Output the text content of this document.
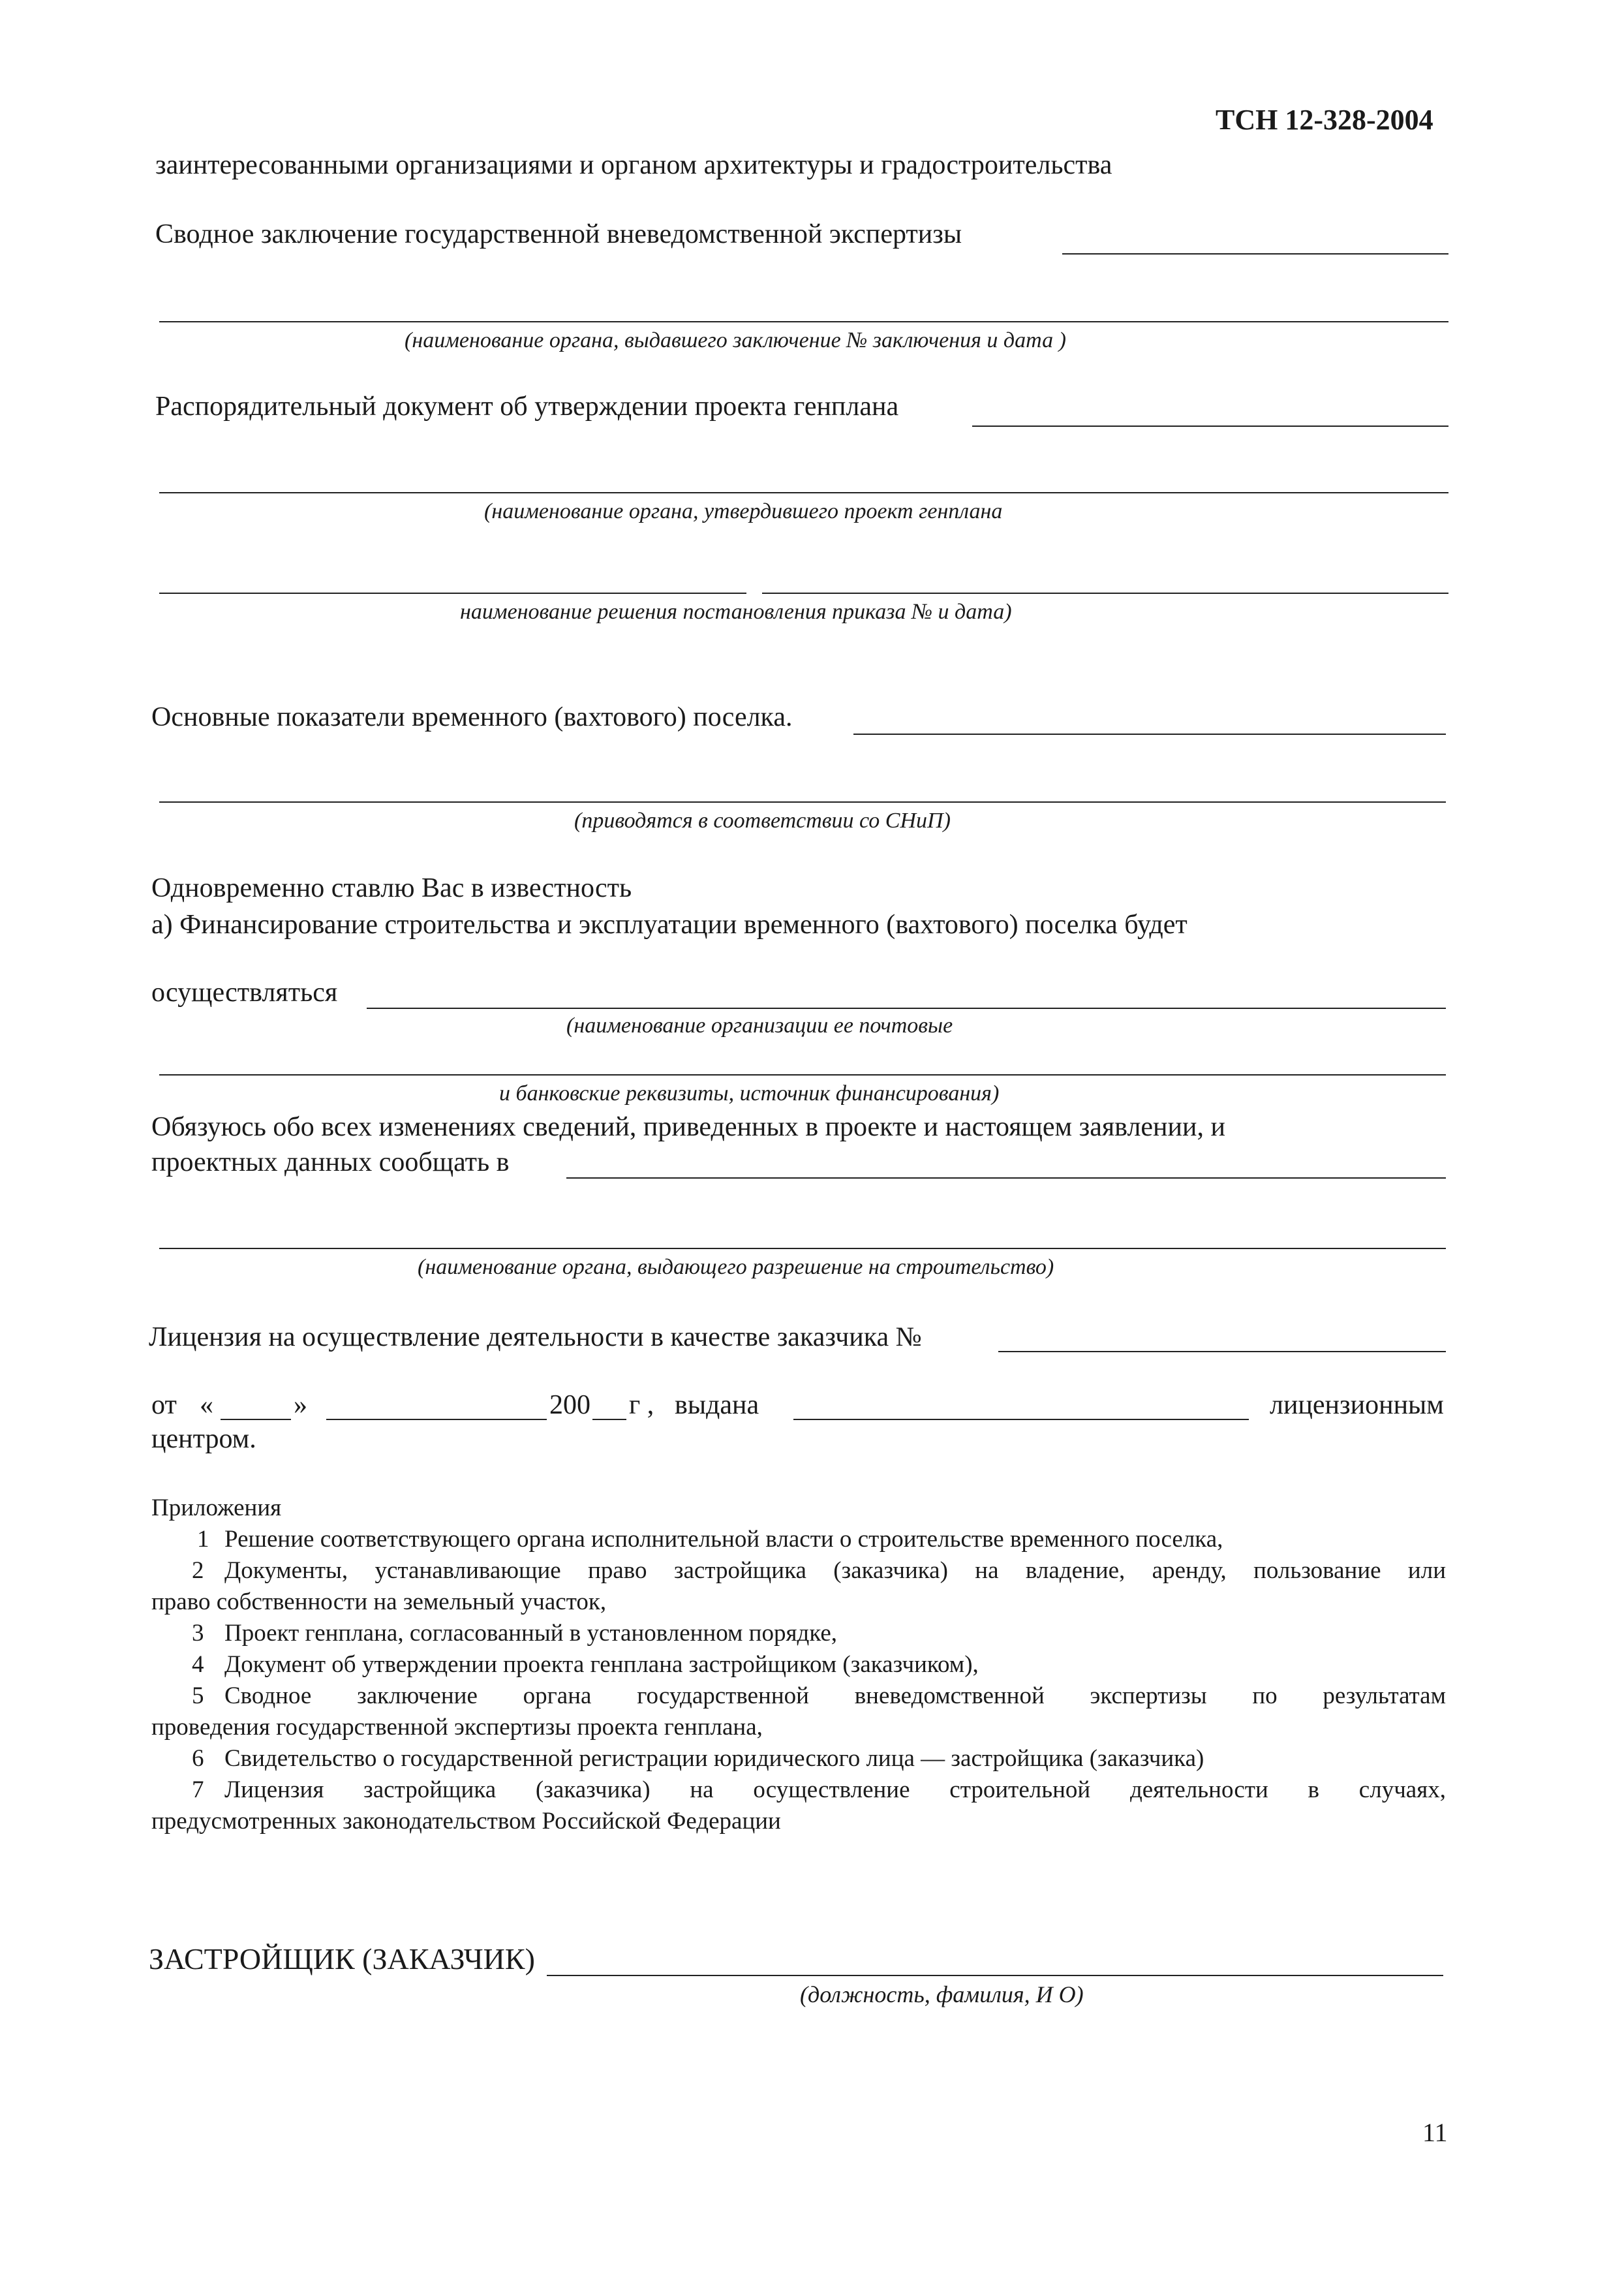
ТСН 12-328-2004
заинтересованными организациями и органом архитектуры и градостроительства
Сводное заключение государственной вневедомственной экспертизы
(наименование органа, выдавшего заключение № заключения и дата )
Распорядительный документ об утверждении проекта генплана
(наименование органа, утвердившего проект генплана
наименование решения постановления приказа № и дата)
Основные показатели временного (вахтового) поселка.
(приводятся в соответствии со СНиП)
Одновременно ставлю Вас в известность
а) Финансирование строительства и эксплуатации временного (вахтового) поселка будет
осуществляться
(наименование организации ее почтовые
и банковские реквизиты, источник финансирования)
Обязуюсь обо всех изменениях сведений, приведенных в проекте и настоящем заявлении, и
проектных данных сообщать в
(наименование органа, выдающего разрешение на строительство)
Лицензия на осуществление деятельности в качестве заказчика №
от «	»	200 г , выдана	лицензионным
центром.
Приложения
1 Решение соответствующего органа исполнительной власти о строительстве временного поселка,
2 Документы, устанавливающие право застройщика (заказчика) на владение, аренду, пользование или
право собственности на земельный участок,
3 Проект генплана, согласованный в установленном порядке,
4 Документ об утверждении проекта генплана застройщиком (заказчиком),
5 Сводное заключение органа государственной вневедомственной экспертизы по результатам
проведения государственной экспертизы проекта генплана,
6 Свидетельство о государственной регистрации юридического лица — застройщика (заказчика)
7 Лицензия застройщика (заказчика) на осуществление строительной деятельности в случаях,
предусмотренных законодательством Российской Федерации
ЗАСТРОЙЩИК (ЗАКАЗЧИК)
(должность, фамилия, И О)
11
